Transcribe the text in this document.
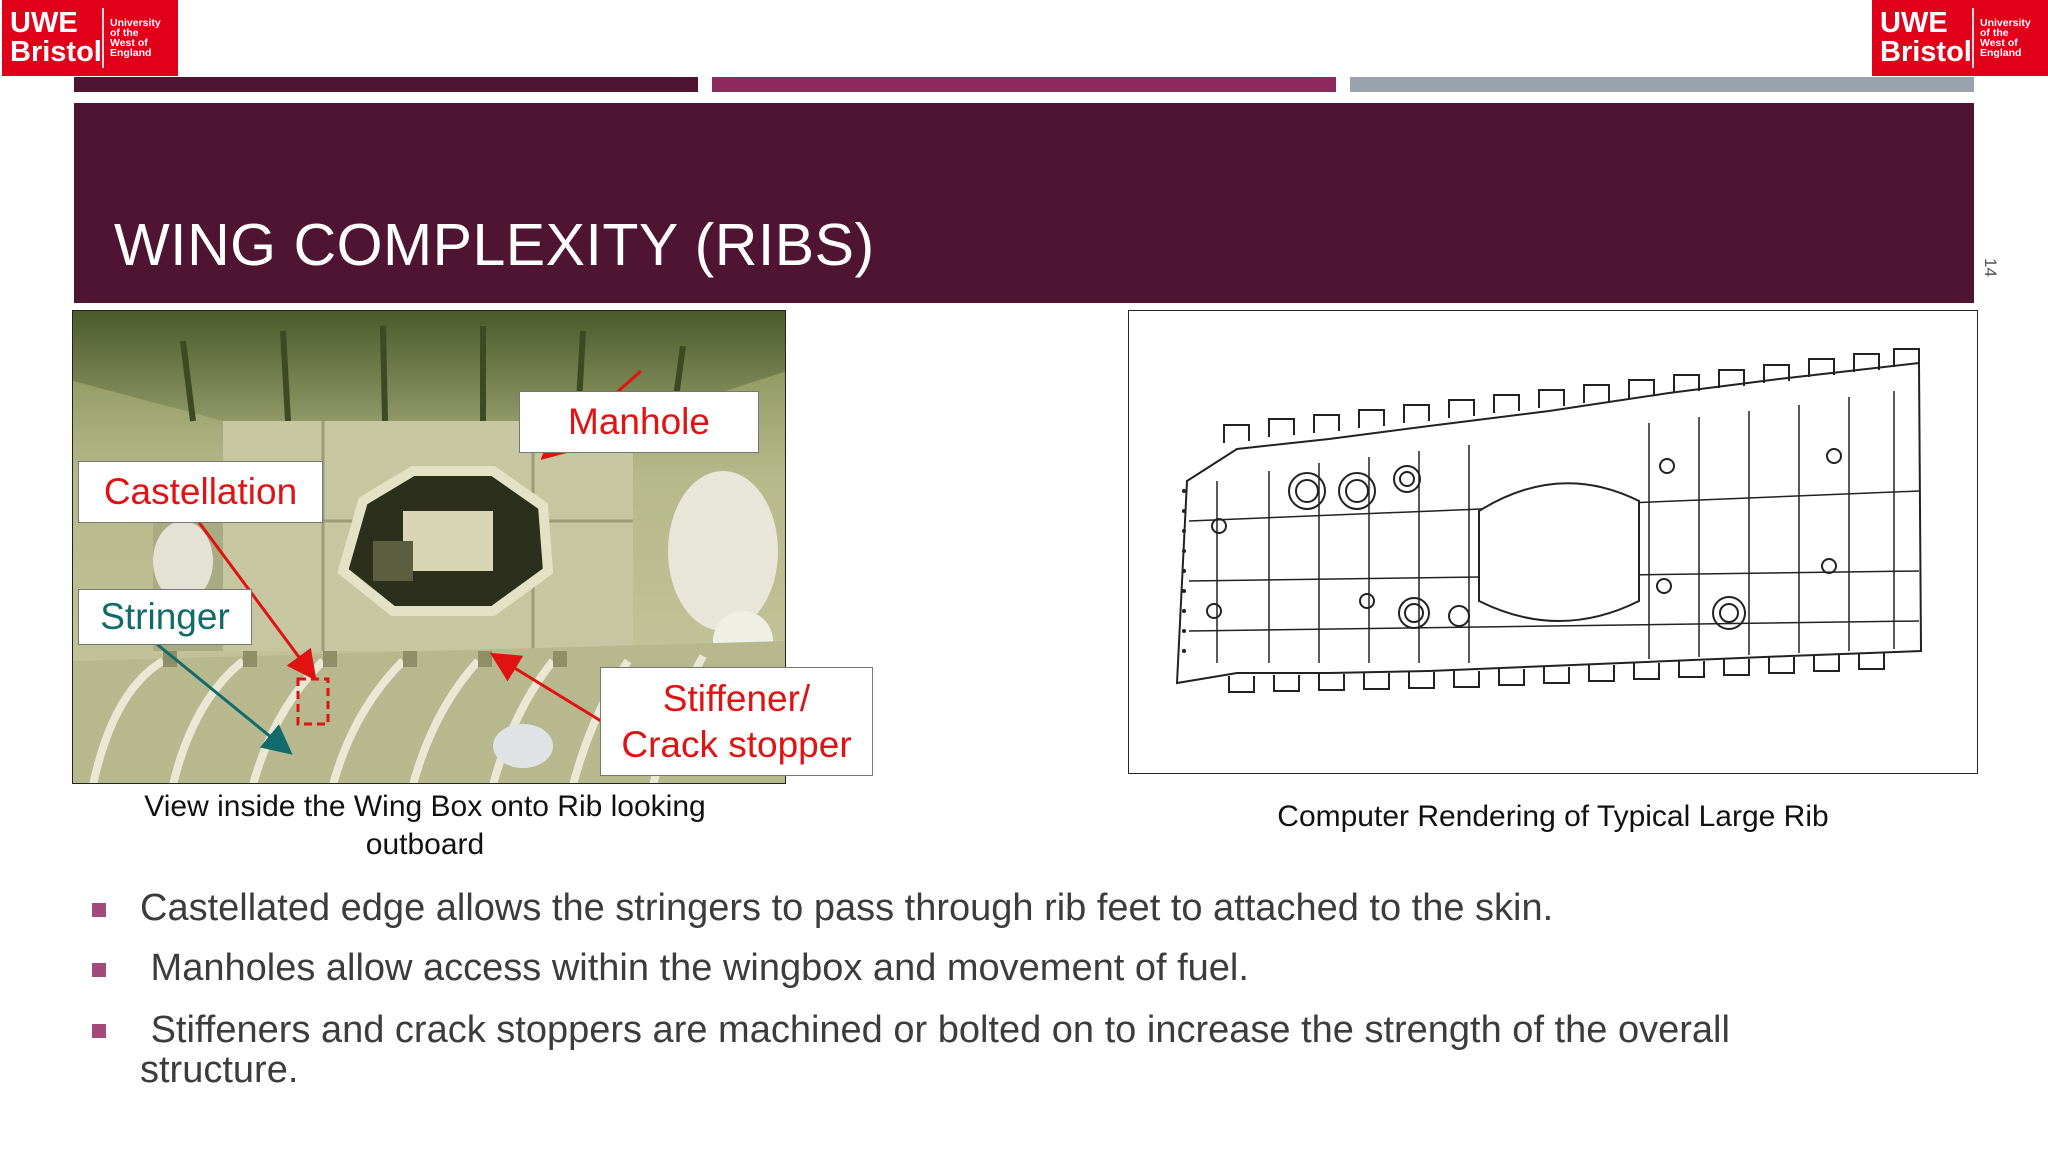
UWE
Bristol
University
of the
West of
England
UWE
Bristol
University
of the
West of
England
WING COMPLEXITY (RIBS)	14
Manhole
Castellation
Stringer
Stiffener/
Crack stopper
View inside the Wing Box onto Rib looking
outboard
Computer Rendering of Typical Large Rib
Castellated edge allows the stringers to pass through rib feet to attached to the skin.
Manholes allow access within the wingbox and movement of fuel.
Stiffeners and crack stoppers are machined or bolted on to increase the strength of the overall structure.
